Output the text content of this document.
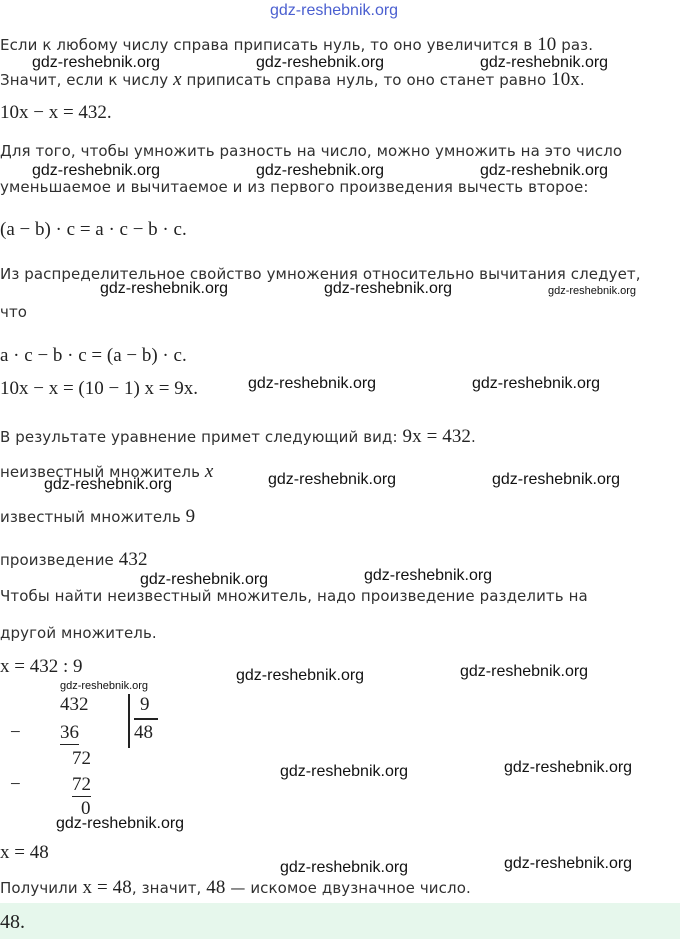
gdz-reshebnik.org
Если к любому числу справа приписать нуль, то оно увеличится в 10 раз.
Значит, если к числу x приписать справа нуль, то оно станет равно 10x.
10x − x = 432.
Для того, чтобы умножить разность на число, можно умножить на это число
уменьшаемое и вычитаемое и из первого произведения вычесть второе:
(a − b) · c = a · c − b · c.
Из распределительное свойство умножения относительно вычитания следует,
что
a · c − b · c = (a − b) · c.
10x − x = (10 − 1) x = 9x.
В результате уравнение примет следующий вид: 9x = 432.
неизвестный множитель x
известный множитель 9
произведение 432
Чтобы найти неизвестный множитель, надо произведение разделить на
другой множитель.
x = 432 : 9
432
− 36
72
−	72
0
9
48
x = 48
Получили x = 48, значит, 48 — искомое двузначное число.
48.
gdz-reshebnik.org	gdz-reshebnik.org	gdz-reshebnik.org
gdz-reshebnik.org	gdz-reshebnik.org	gdz-reshebnik.org
gdz-reshebnik.org	gdz-reshebnik.org	gdz-reshebnik.org
gdz-reshebnik.org	gdz-reshebnik.org
gdz-reshebnik.org	gdz-reshebnik.org	gdz-reshebnik.org
gdz-reshebnik.org	gdz-reshebnik.org
gdz-reshebnik.org	gdz-reshebnik.org
gdz-reshebnik.org
gdz-reshebnik.org	gdz-reshebnik.org
gdz-reshebnik.org
gdz-reshebnik.org	gdz-reshebnik.org
